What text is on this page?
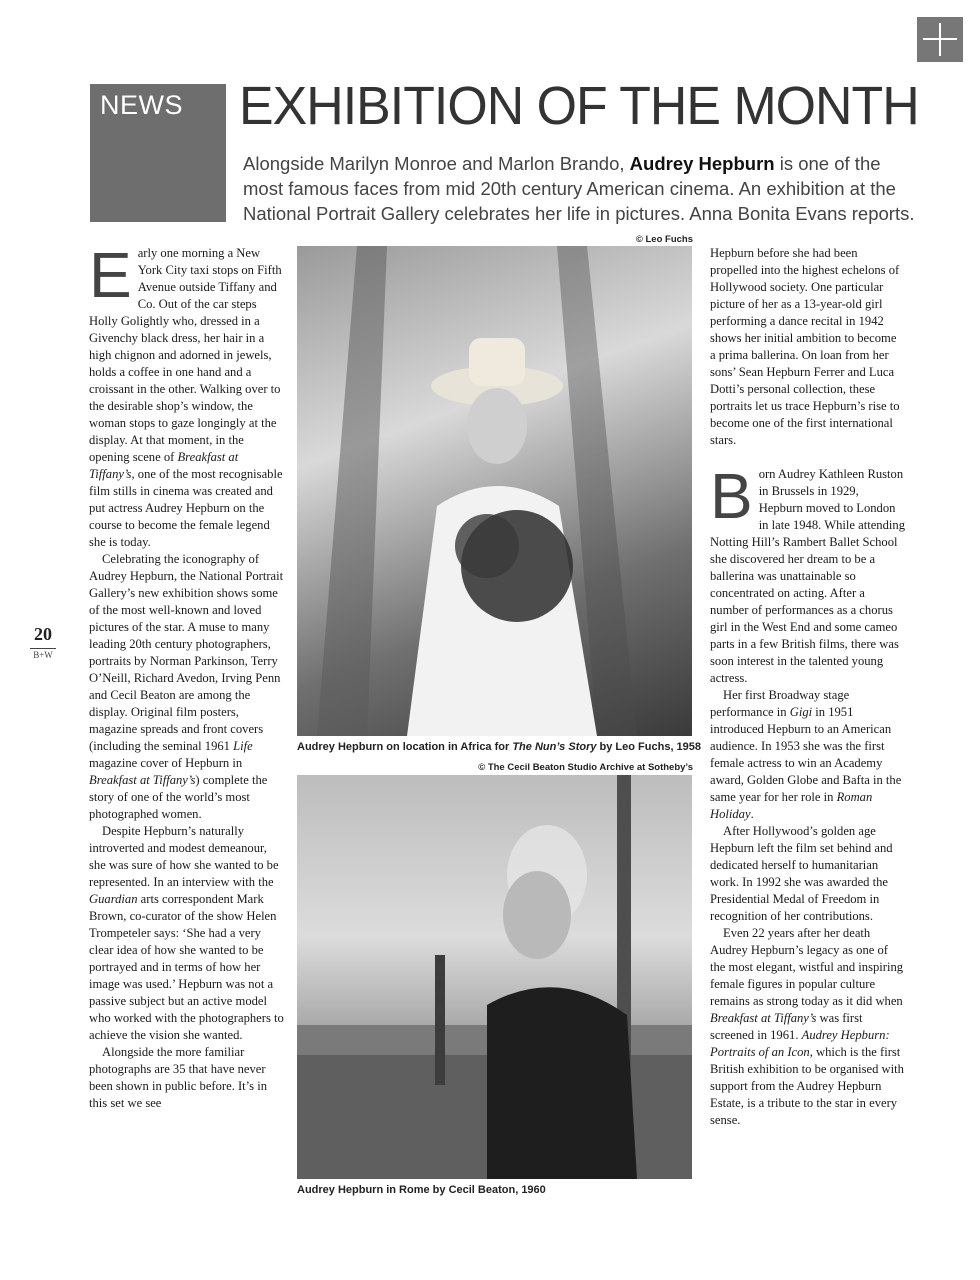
NEWS EXHIBITION OF THE MONTH
Alongside Marilyn Monroe and Marlon Brando, Audrey Hepburn is one of the most famous faces from mid 20th century American cinema. An exhibition at the National Portrait Gallery celebrates her life in pictures. Anna Bonita Evans reports.

Early one morning a New York City taxi stops on Fifth Avenue outside Tiffany and Co. Out of the car steps Holly Golightly who, dressed in a Givenchy black dress, her hair in a high chignon and adorned in jewels, holds a coffee in one hand and a croissant in the other. Walking over to the desirable shop’s window, the woman stops to gaze longingly at the display. At that moment, in the opening scene of Breakfast at Tiffany’s, one of the most recognisable film stills in cinema was created and put actress Audrey Hepburn on the course to become the female legend she is today.

Celebrating the iconography of Audrey Hepburn, the National Portrait Gallery’s new exhibition shows some of the most well-known and loved pictures of the star. A muse to many leading 20th century photographers, portraits by Norman Parkinson, Terry O’Neill, Richard Avedon, Irving Penn and Cecil Beaton are among the display. Original film posters, magazine spreads and front covers (including the seminal 1961 Life magazine cover of Hepburn in Breakfast at Tiffany’s) complete the story of one of the world’s most photographed women.

Despite Hepburn’s naturally introverted and modest demeanour, she was sure of how she wanted to be represented. In an interview with the Guardian arts correspondent Mark Brown, co-curator of the show Helen Trompeteler says: ‘She had a very clear idea of how she wanted to be portrayed and in terms of how her image was used.’ Hepburn was not a passive subject but an active model who worked with the photographers to achieve the vision she wanted.

Alongside the more familiar photographs are 35 that have never been shown in public before. It’s in this set we see

© Leo Fuchs
Audrey Hepburn on location in Africa for The Nun’s Story by Leo Fuchs, 1958
© The Cecil Beaton Studio Archive at Sotheby’s
Audrey Hepburn in Rome by Cecil Beaton, 1960

Hepburn before she had been propelled into the highest echelons of Hollywood society. One particular picture of her as a 13-year-old girl performing a dance recital in 1942 shows her initial ambition to become a prima ballerina. On loan from her sons’ Sean Hepburn Ferrer and Luca Dotti’s personal collection, these portraits let us trace Hepburn’s rise to become one of the first international stars.

Born Audrey Kathleen Ruston in Brussels in 1929, Hepburn moved to London in late 1948. While attending Notting Hill’s Rambert Ballet School she discovered her dream to be a ballerina was unattainable so concentrated on acting. After a number of performances as a chorus girl in the West End and some cameo parts in a few British films, there was soon interest in the talented young actress.

Her first Broadway stage performance in Gigi in 1951 introduced Hepburn to an American audience. In 1953 she was the first female actress to win an Academy award, Golden Globe and Bafta in the same year for her role in Roman Holiday.

After Hollywood’s golden age Hepburn left the film set behind and dedicated herself to humanitarian work. In 1992 she was awarded the Presidential Medal of Freedom in recognition of her contributions.

Even 22 years after her death Audrey Hepburn’s legacy as one of the most elegant, wistful and inspiring female figures in popular culture remains as strong today as it did when Breakfast at Tiffany’s was first screened in 1961. Audrey Hepburn: Portraits of an Icon, which is the first British exhibition to be organised with support from the Audrey Hepburn Estate, is a tribute to the star in every sense.

20
B+W
